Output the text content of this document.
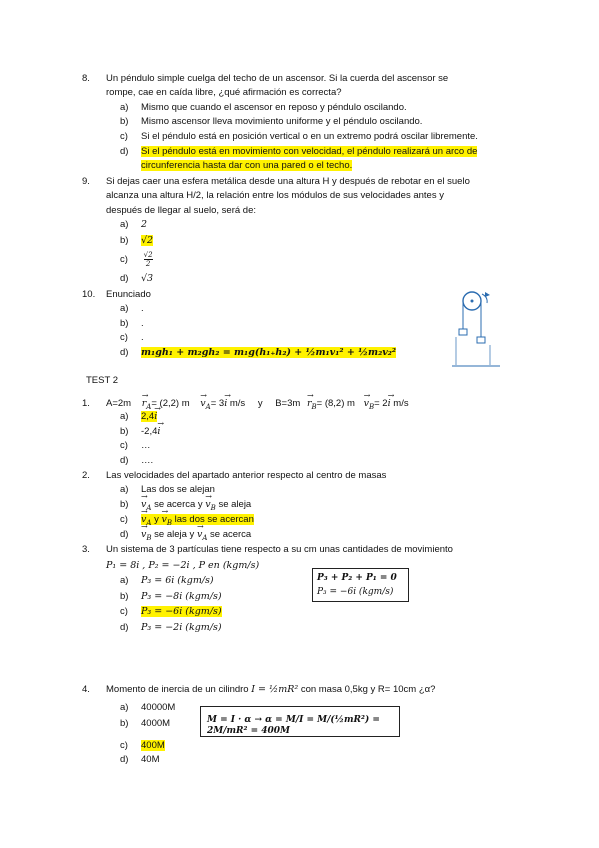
8. Un péndulo simple cuelga del techo de un ascensor. Si la cuerda del ascensor se
rompe, cae en caída libre, ¿qué afirmación es correcta?
a) Mismo que cuando el ascensor en reposo y péndulo oscilando.
b) Mismo ascensor lleva movimiento uniforme y el péndulo oscilando.
c) Si el péndulo está en posición vertical o en un extremo podrá oscilar libremente.
d) Si el péndulo está en movimiento con velocidad, el péndulo realizará un arco de
circunferencia hasta dar con una pared o el techo.
9. Si dejas caer una esfera metálica desde una altura H y después de rebotar en el suelo
alcanza una altura H/2, la relación entre los módulos de sus velocidades antes y
después de llegar al suelo, será de:
a) 2
b) √2
$c) \frac{√2}{2}$
d) √3
10. Enunciado
a) .
b) .
c) .
d) m₁gh₁ + m₂gh₂ = m₁g(h₁₊h₂) + ½m₁v₁² + ½m₂v₂²
TEST 2
1. $A=2m \to r_A= (2,2) m \to v_A= 3\to i$ m/s y $B=3m \to r_B= (8,2) m \to v_B= 2\to i$ m/s
a) 2,4→ i
b) -2,4→ i
c) …
d) ….
2. Las velocidades del apartado anterior respecto al centro de masas
a) Las dos se alejan
$b) \to v_A$ se acerca $y \to v_B$ se aleja
$c) \to v_A$ $y \to v_B$ las dos se acercan
$d) \to v_B$ se aleja $y \to v_A$ se acerca
3. Un sistema de 3 partículas tiene respecto a su cm unas cantidades de movimiento
P₁ = 8i , P₂ = −2i , P en (kgm/s)
a) P₃ = 6i (kgm/s)
b) P₃ = −8i (kgm/s)
c) P₃ = −6i (kgm/s)
d) P₃ = −2i (kgm/s)
P₃ + P₂ + P₁ = 0
P₃ = −6i (kgm/s)
4. Momento de inercia de un cilindro I = ½mR² con masa 0,5kg y R= 10cm ¿α?
a) 40000M
b) 4000M
c) 400M
d) 40M
M = I · α → α = M/I = M/(½mR²) = 2M/mR² = 400M
